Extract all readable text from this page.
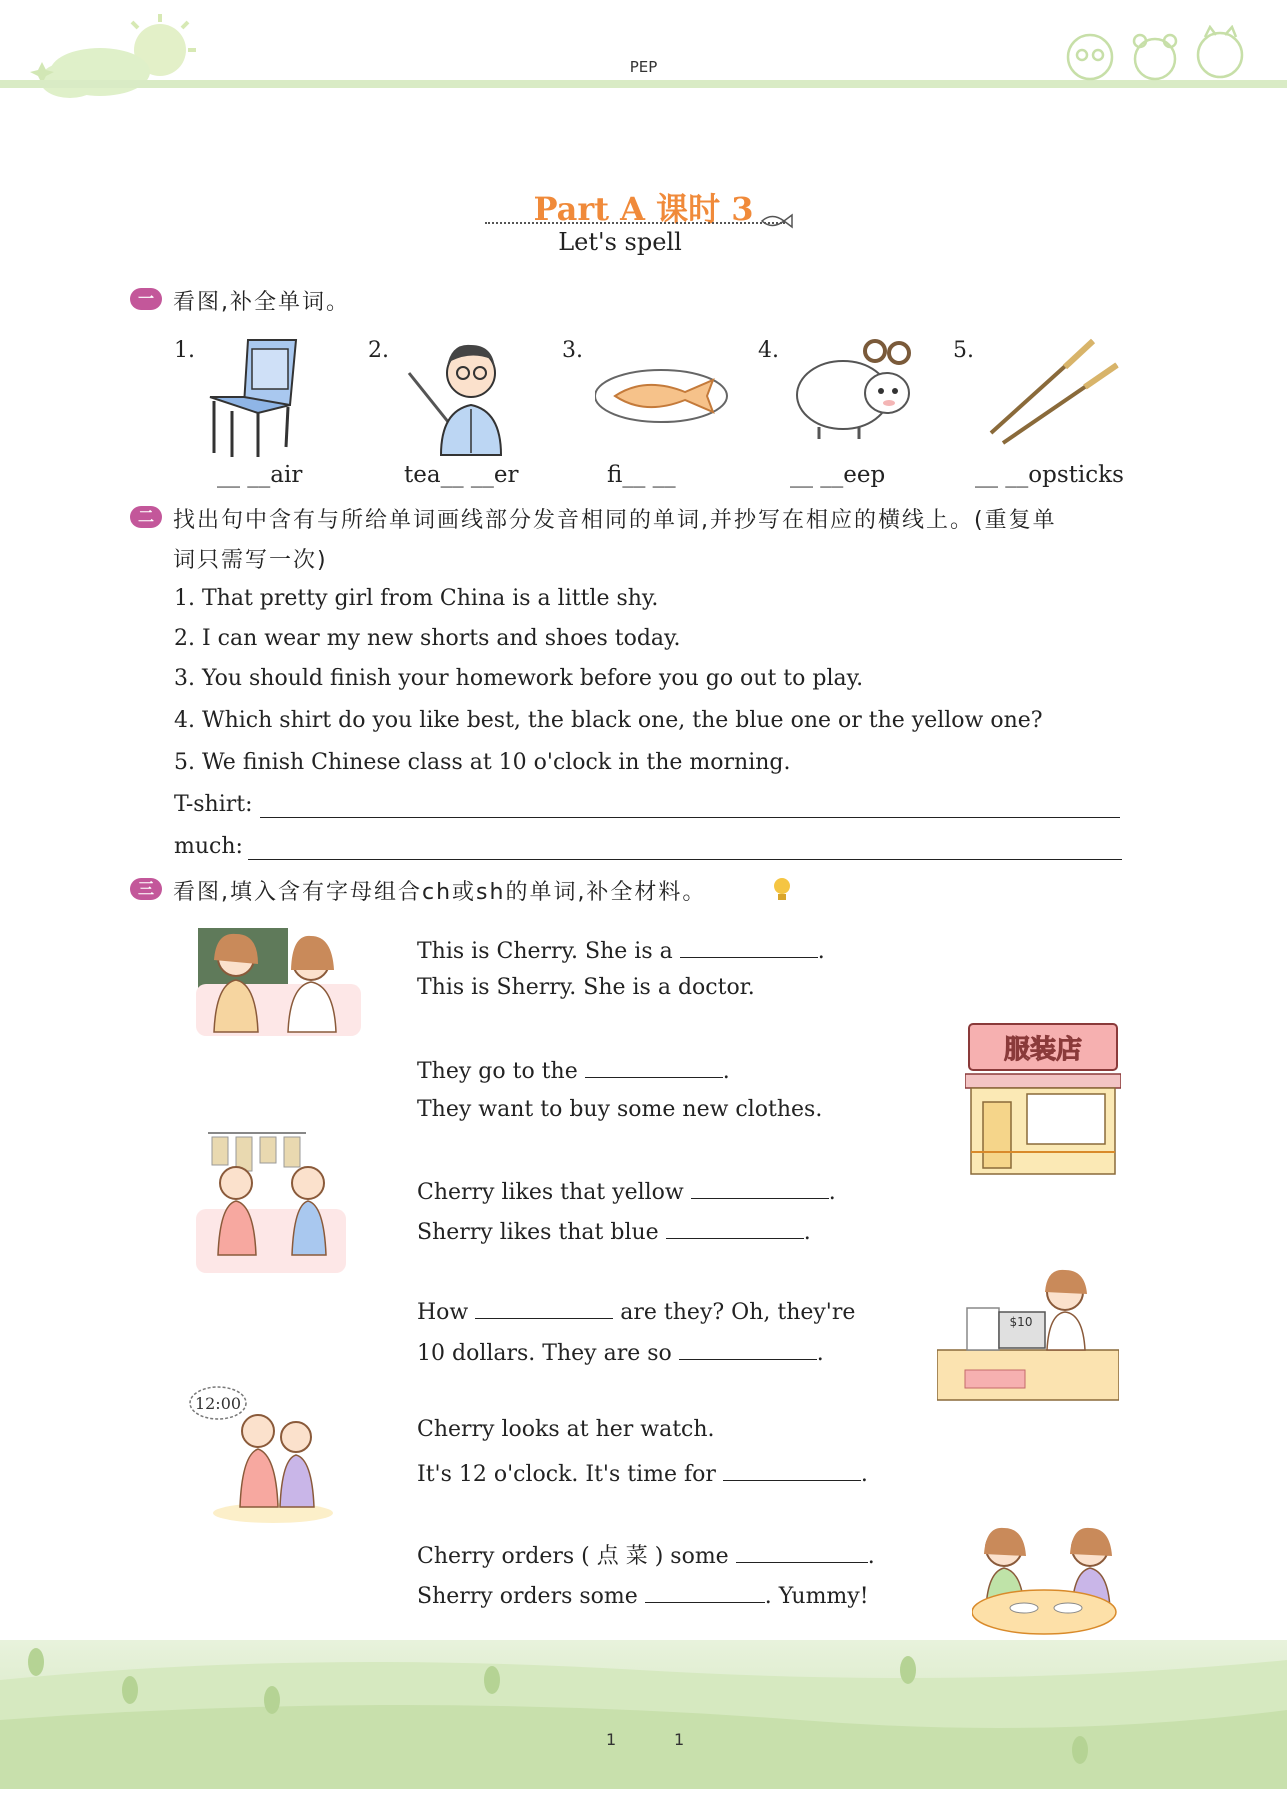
PEP
Part A 课时 3
Let's spell
一 看图,补全单词。
1.	2.	3.	4.	5.
__ __air	tea__ __er	fi__ __	__ __eep	__ __opsticks
二 找出句中含有与所给单词画线部分发音相同的单词,并抄写在相应的横线上。(重复单
词只需写一次)
1. That pretty girl from China is a little shy.
2. I can wear my new shorts and shoes today.
3. You should finish your homework before you go out to play.
4. Which shirt do you like best, the black one, the blue one or the yellow one?
5. We finish Chinese class at 10 o'clock in the morning.
T-shirt:
much:
三 看图,填入含有字母组合ch或sh的单词,补全材料。
12:00
服装店
$10
This is Cherry. She is a	.
This is Sherry. She is a doctor.
They go to the	.
They want to buy some new clothes.
Cherry likes that yellow	.
Sherry likes that blue	.
How	are they? Oh, they're
10 dollars. They are so	.
Cherry looks at her watch.
It's 12 o'clock. It's time for	.
Cherry orders ( 点 菜 ) some	.
Sherry orders some	. Yummy!
1	1
